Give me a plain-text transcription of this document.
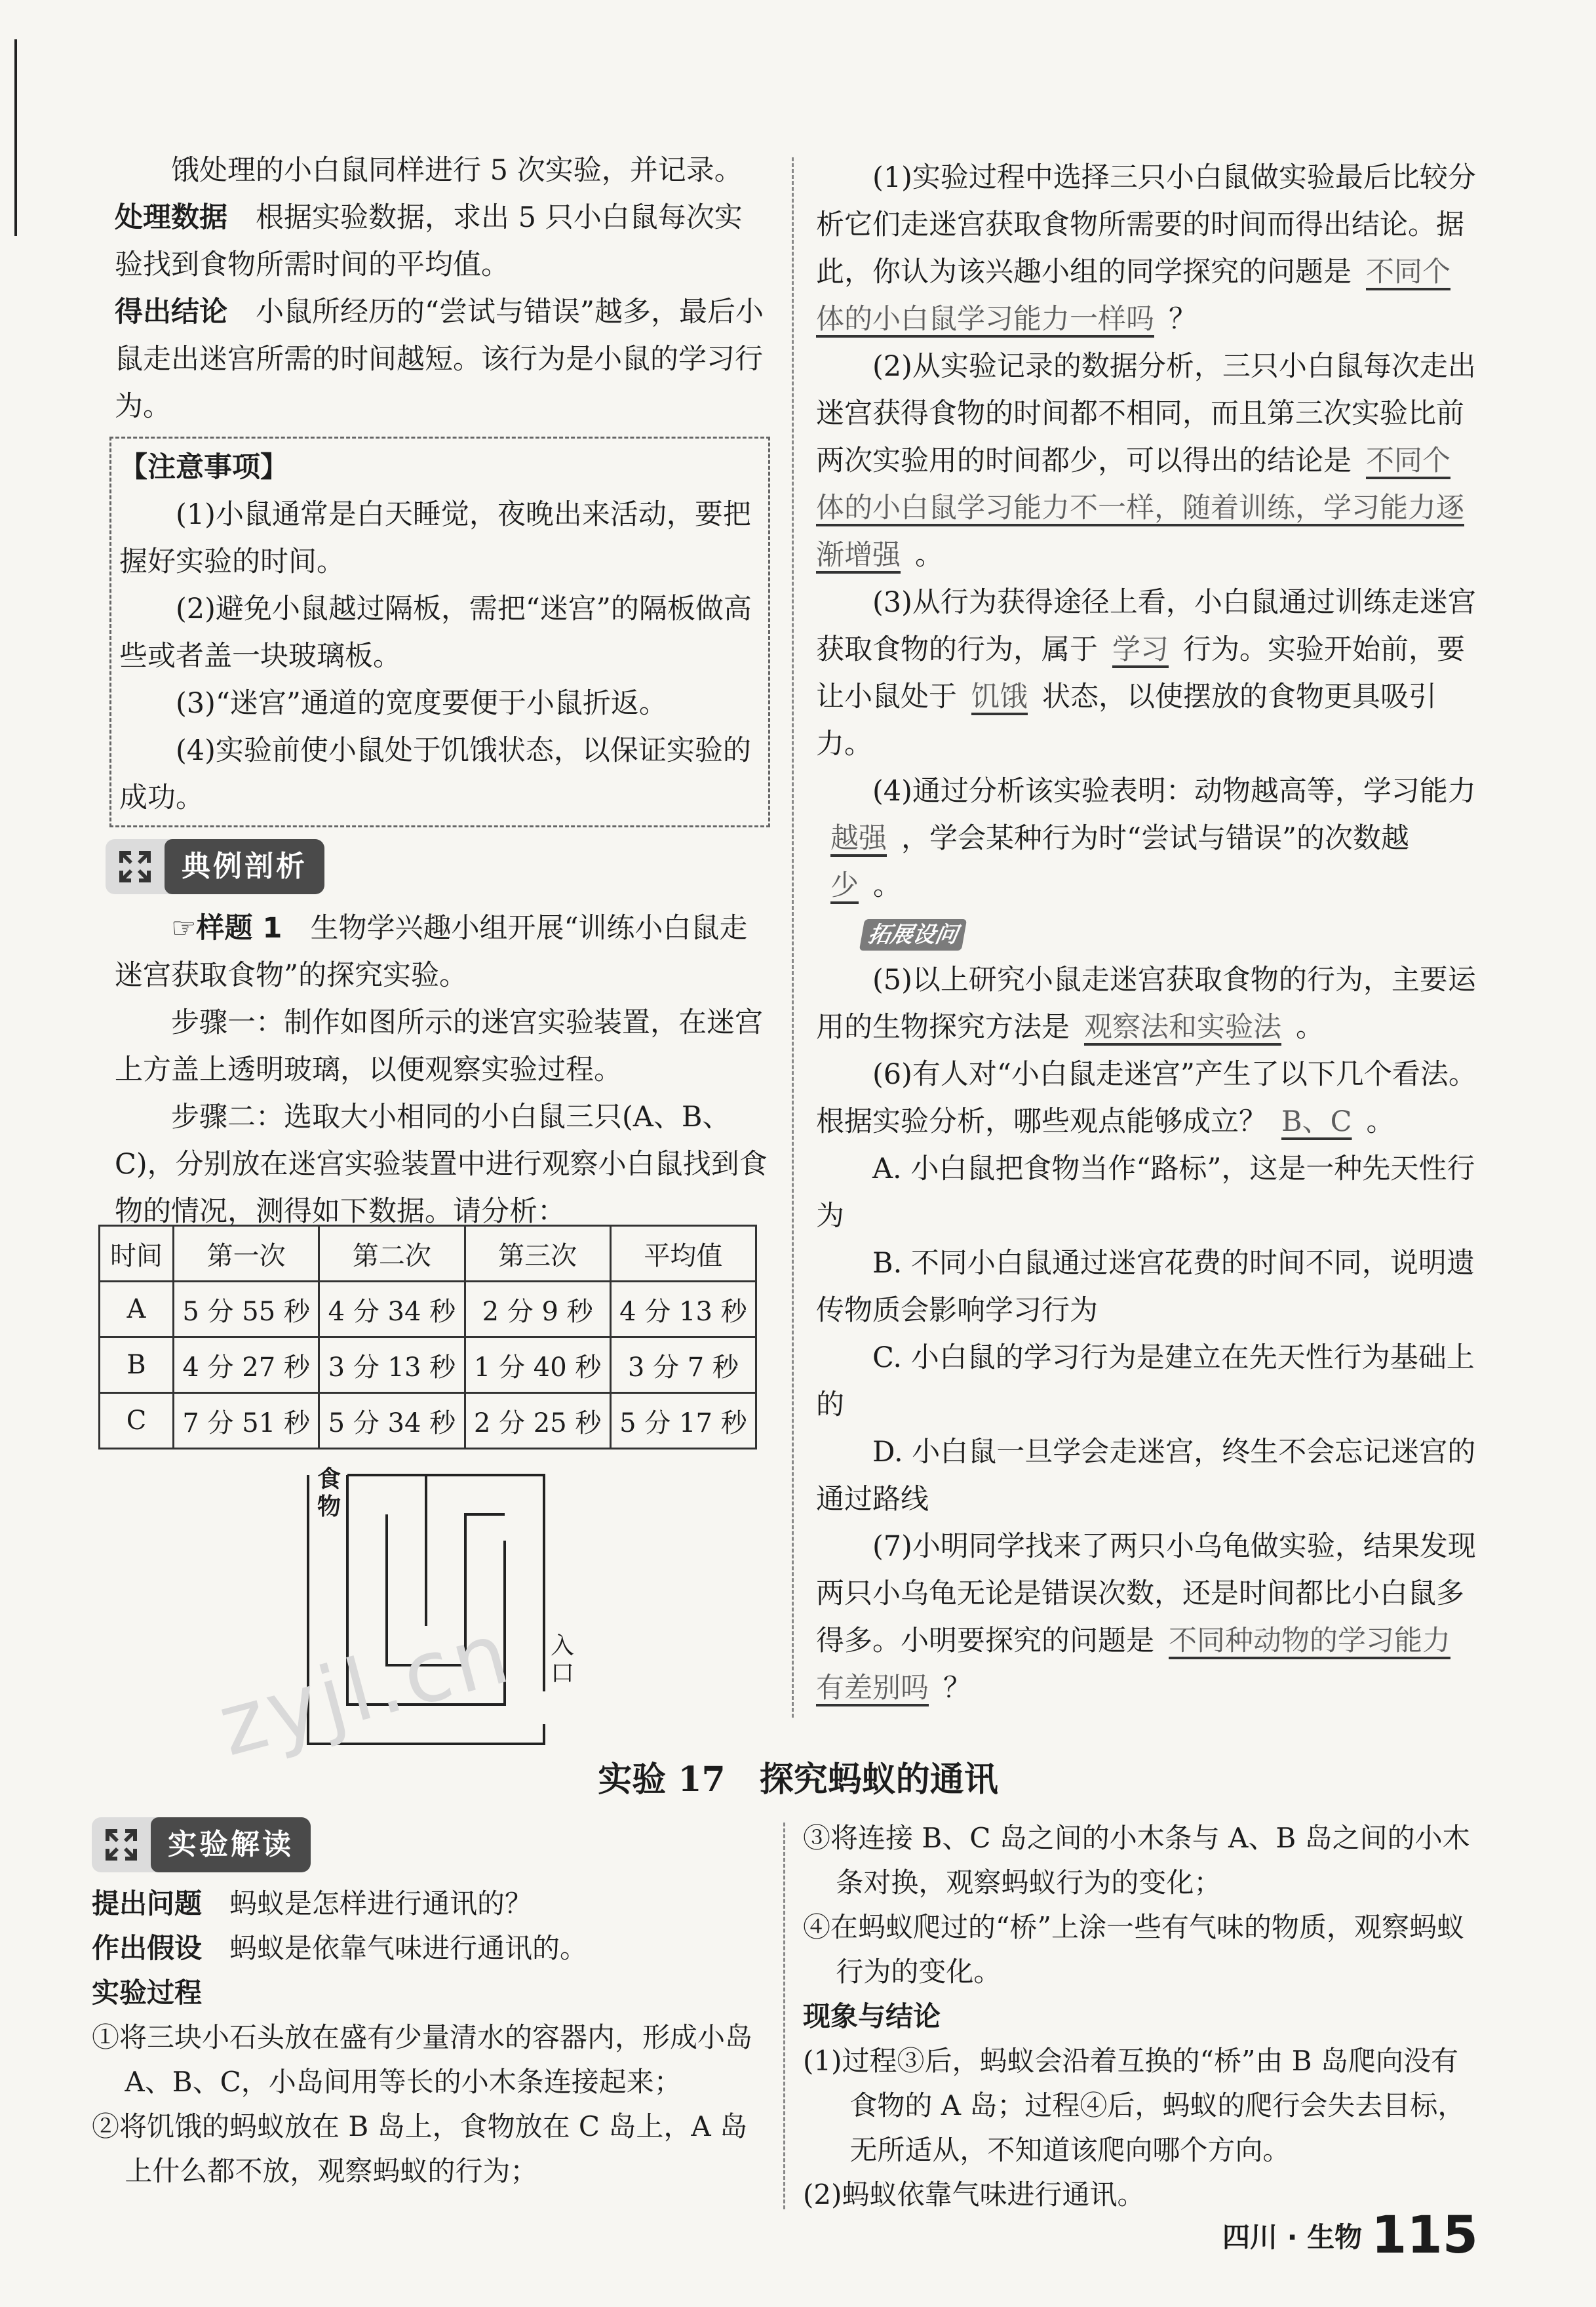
饿处理的小白鼠同样进行 5 次实验，并记录。

处理数据　 根据实验数据，求出 5 只小白鼠每次实验找到食物所需时间的平均值。

得出结论　 小鼠所经历的“尝试与错误”越多，最后小鼠走出迷宫所需的时间越短。该行为是小鼠的学习行为。

【注意事项】

(1)小鼠通常是白天睡觉，夜晚出来活动，要把握好实验的时间。

(2)避免小鼠越过隔板，需把“迷宫”的隔板做高些或者盖一块玻璃板。

(3)“迷宫”通道的宽度要便于小鼠折返。

(4)实验前使小鼠处于饥饿状态，以保证实验的成功。

典例剖析

☞样题 1　 生物学兴趣小组开展“训练小白鼠走迷宫获取食物”的探究实验。

步骤一：制作如图所示的迷宫实验装置，在迷宫上方盖上透明玻璃，以便观察实验过程。

步骤二：选取大小相同的小白鼠三只(A、B、C)，分别放在迷宫实验装置中进行观察小白鼠找到食物的情况，测得如下数据。请分析：

时间	第一次	第二次	第三次	平均值
A	5 分 55 秒	4 分 34 秒	2 分 9 秒	4 分 13 秒
B	4 分 27 秒	3 分 13 秒	1 分 40 秒	3 分 7 秒
C	7 分 51 秒	5 分 34 秒	2 分 25 秒	5 分 17 秒
食物
入口
zyjl.cn

(1)实验过程中选择三只小白鼠做实验最后比较分析它们走迷宫获取食物所需要的时间而得出结论。据此，你认为该兴趣小组的同学探究的问题是 不同个体的小白鼠学习能力一样吗 ？

(2)从实验记录的数据分析，三只小白鼠每次走出迷宫获得食物的时间都不相同，而且第三次实验比前两次实验用的时间都少，可以得出的结论是 不同个体的小白鼠学习能力不一样，随着训练，学习能力逐渐增强 。

(3)从行为获得途径上看，小白鼠通过训练走迷宫获取食物的行为，属于 学习 行为。实验开始前，要让小鼠处于 饥饿 状态，以使摆放的食物更具吸引力。

(4)通过分析该实验表明：动物越高等，学习能力越强 ，学会某种行为时“尝试与错误”的次数越少 。

拓展设问

(5)以上研究小鼠走迷宫获取食物的行为，主要运用的生物探究方法是 观察法和实验法 。

(6)有人对“小白鼠走迷宫”产生了以下几个看法。根据实验分析，哪些观点能够成立？ B、C 。

A. 小白鼠把食物当作“路标”，这是一种先天性行为

B. 不同小白鼠通过迷宫花费的时间不同，说明遗传物质会影响学习行为

C. 小白鼠的学习行为是建立在先天性行为基础上的

D. 小白鼠一旦学会走迷宫，终生不会忘记迷宫的通过路线

(7)小明同学找来了两只小乌龟做实验，结果发现两只小乌龟无论是错误次数，还是时间都比小白鼠多得多。小明要探究的问题是 不同种动物的学习能力有差别吗 ？

实验 17　探究蚂蚁的通讯
实验解读

提出问题　 蚂蚁是怎样进行通讯的？

作出假设　 蚂蚁是依靠气味进行通讯的。

实验过程

①将三块小石头放在盛有少量清水的容器内，形成小岛 A、B、C，小岛间用等长的小木条连接起来；

②将饥饿的蚂蚁放在 B 岛上，食物放在 C 岛上，A 岛上什么都不放，观察蚂蚁的行为；

③将连接 B、C 岛之间的小木条与 A、B 岛之间的小木条对换，观察蚂蚁行为的变化；

④在蚂蚁爬过的“桥”上涂一些有气味的物质，观察蚂蚁行为的变化。

现象与结论

(1)过程③后，蚂蚁会沿着互换的“桥”由 B 岛爬向没有食物的 A 岛；过程④后，蚂蚁的爬行会失去目标，无所适从，不知道该爬向哪个方向。

(2)蚂蚁依靠气味进行通讯。

四川 · 生物 115
